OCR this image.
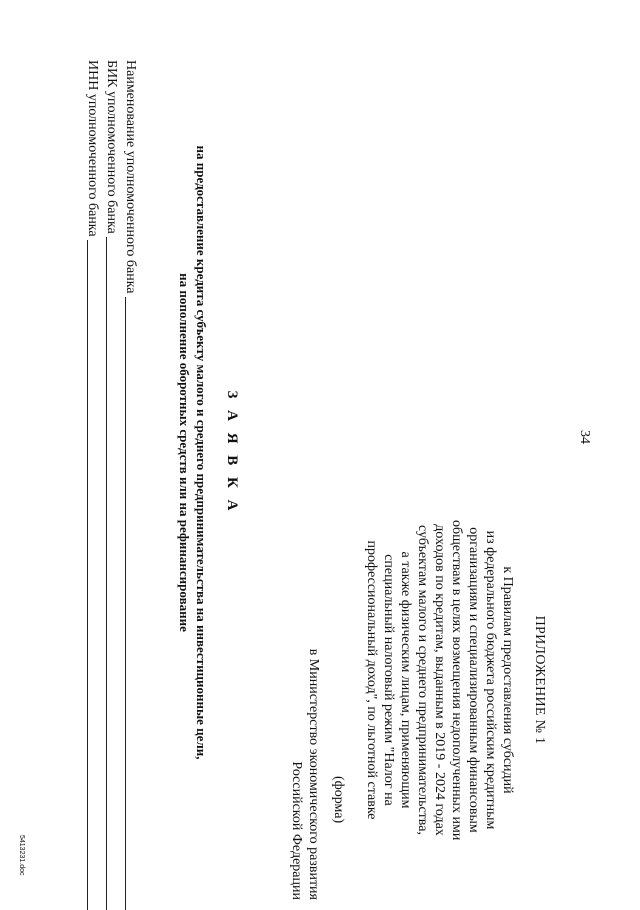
34
ПРИЛОЖЕНИЕ № 1
к Правилам предоставления субсидий
из федерального бюджета российским кредитным
организациям и специализированным финансовым
обществам в целях возмещения недополученных ими
доходов по кредитам, выданным в 2019 - 2024 годах
субъектам малого и среднего предпринимательства,
а также физическим лицам, применяющим
специальный налоговый режим "Налог на
профессиональный доход", по льготной ставке
(форма)
в Министерство экономического развития
Российской Федерации
З А Я В К А
на предоставление кредита субъекту малого и среднего предпринимательства на инвестиционные цели,
на пополнение оборотных средств или на рефинансирование
Наименование уполномоченного банка
БИК уполномоченного банка
ИНН уполномоченного банка
5413231.doc
